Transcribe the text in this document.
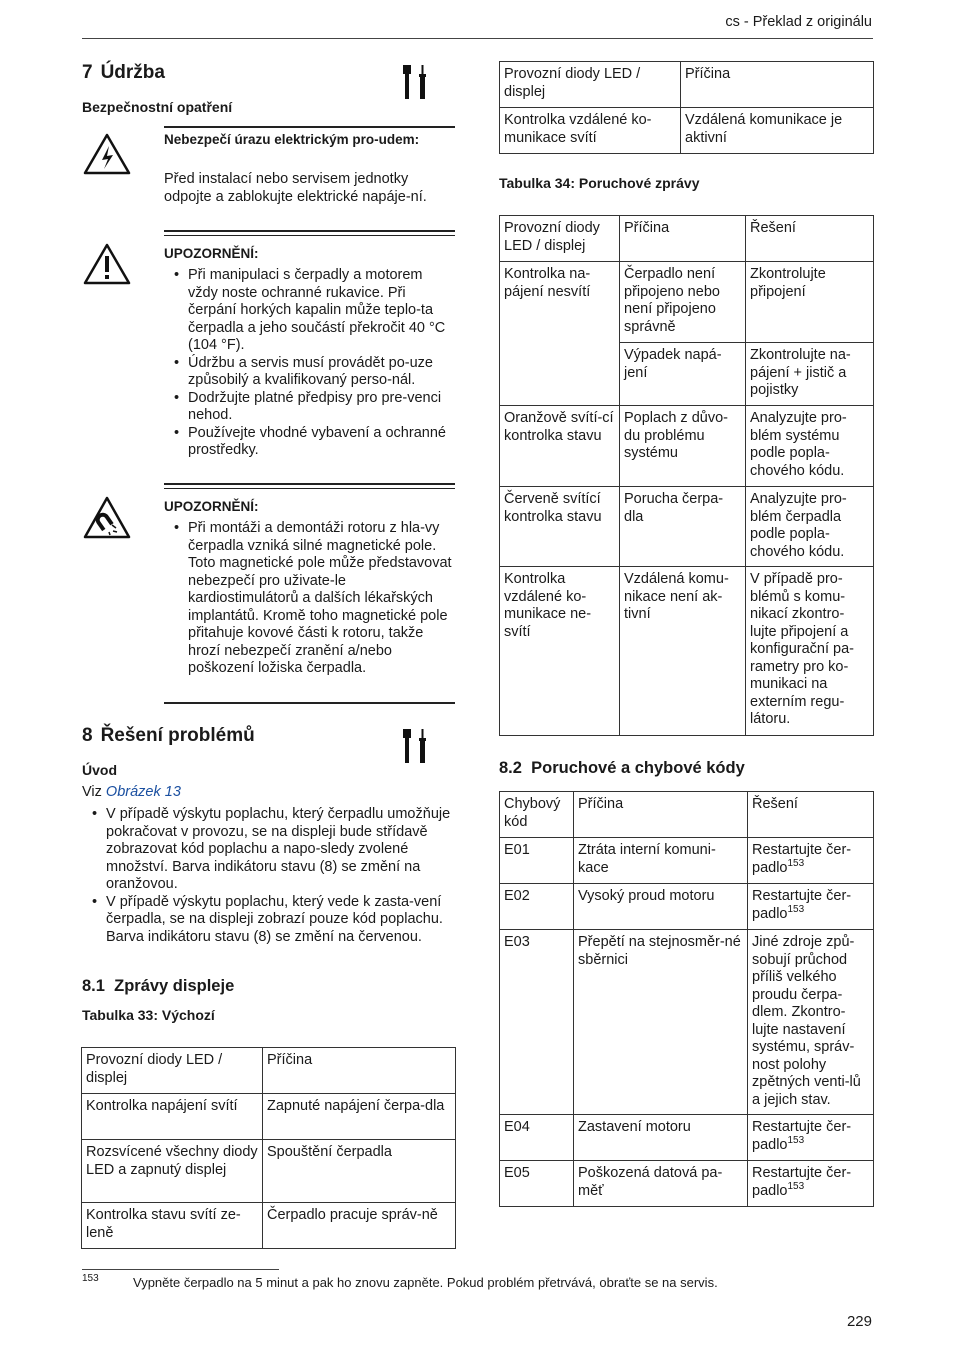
cs - Překlad z originálu
7 Údržba
Bezpečnostní opatření
Nebezpečí úrazu elektrickým pro-udem:
Před instalací nebo servisem jednotky odpojte a zablokujte elektrické napáje-ní.
UPOZORNĚNÍ:
• Při manipulaci s čerpadly a motorem vždy noste ochranné rukavice. Při čerpání horkých kapalin může teplo-ta čerpadla a jeho součástí překročit 40 °C (104 °F).
• Údržbu a servis musí provádět po-uze způsobilý a kvalifikovaný perso-nál.
• Dodržujte platné předpisy pro pre-venci nehod.
• Používejte vhodné vybavení a ochranné prostředky.
UPOZORNĚNÍ:
• Při montáži a demontáži rotoru z hla-vy čerpadla vzniká silné magnetické pole. Toto magnetické pole může představovat nebezpečí pro uživate-le kardiostimulátorů a dalších lékařských implantátů. Kromě toho magnetické pole přitahuje kovové části k rotoru, takže hrozí nebezpečí zranění a/nebo poškození ložiska čerpadla.
8 Řešení problémů
Úvod
Viz Obrázek 13
• V případě výskytu poplachu, který čerpadlu umožňuje pokračovat v provozu, se na displeji bude střídavě zobrazovat kód poplachu a napo-sledy zvolené množství. Barva indikátoru stavu (8) se změní na oranžovou.
• V případě výskytu poplachu, který vede k zasta-vení čerpadla, se na displeji zobrazí pouze kód poplachu. Barva indikátoru stavu (8) se změní na červenou.
8.1 Zprávy displeje
Tabulka 33: Výchozí
Provozní diody LED / displej	Příčina
Kontrolka napájení svítí	Zapnuté napájení čerpa-dla
Rozsvícené všechny diody LED a zapnutý displej	Spouštění čerpadla
Kontrolka stavu svítí ze-leně	Čerpadlo pracuje správ-ně
Provozní diody LED / displej	Příčina
Kontrolka vzdálené ko-munikace svítí	Vzdálená komunikace je aktivní
Tabulka 34: Poruchové zprávy
Provozní diody LED / displej	Příčina	Řešení
Kontrolka na-pájení nesvítí	Čerpadlo není připojeno nebo není připojeno správně	Zkontrolujte připojení
	Výpadek napá-jení	Zkontrolujte na-pájení + jistič a pojistky
Oranžově svítí-cí kontrolka stavu	Poplach z důvo-du problému systému	Analyzujte pro-blém systému podle popla-chového kódu.
Červeně svítící kontrolka stavu	Porucha čerpa-dla	Analyzujte pro-blém čerpadla podle popla-chového kódu.
Kontrolka vzdálené ko-munikace ne-svítí	Vzdálená komu-nikace není ak-tivní	V případě pro-blémů s komu-nikací zkontro-lujte připojení a konfigurační pa-rametry pro ko-munikaci na externím regu-látoru.
8.2 Poruchové a chybové kódy
Chybový kód	Příčina	Řešení
E01	Ztráta interní komuni-kace	Restartujte čer-padlo$^{153}$
E02	Vysoký proud motoru	Restartujte čer-padlo$^{153}$
E03	Přepětí na stejnosměr-né sběrnici	Jiné zdroje způ-sobují průchod příliš velkého proudu čerpa-dlem. Zkontro-lujte nastavení systému, správ-nost polohy zpětných venti-lů a jejich stav.
E04	Zastavení motoru	Restartujte čer-padlo$^{153}$
E05	Poškozená datová pa-měť	Restartujte čer-padlo$^{153}$
153	Vypněte čerpadlo na 5 minut a pak ho znovu zapněte. Pokud problém přetrvává, obraťte se na servis.
229
